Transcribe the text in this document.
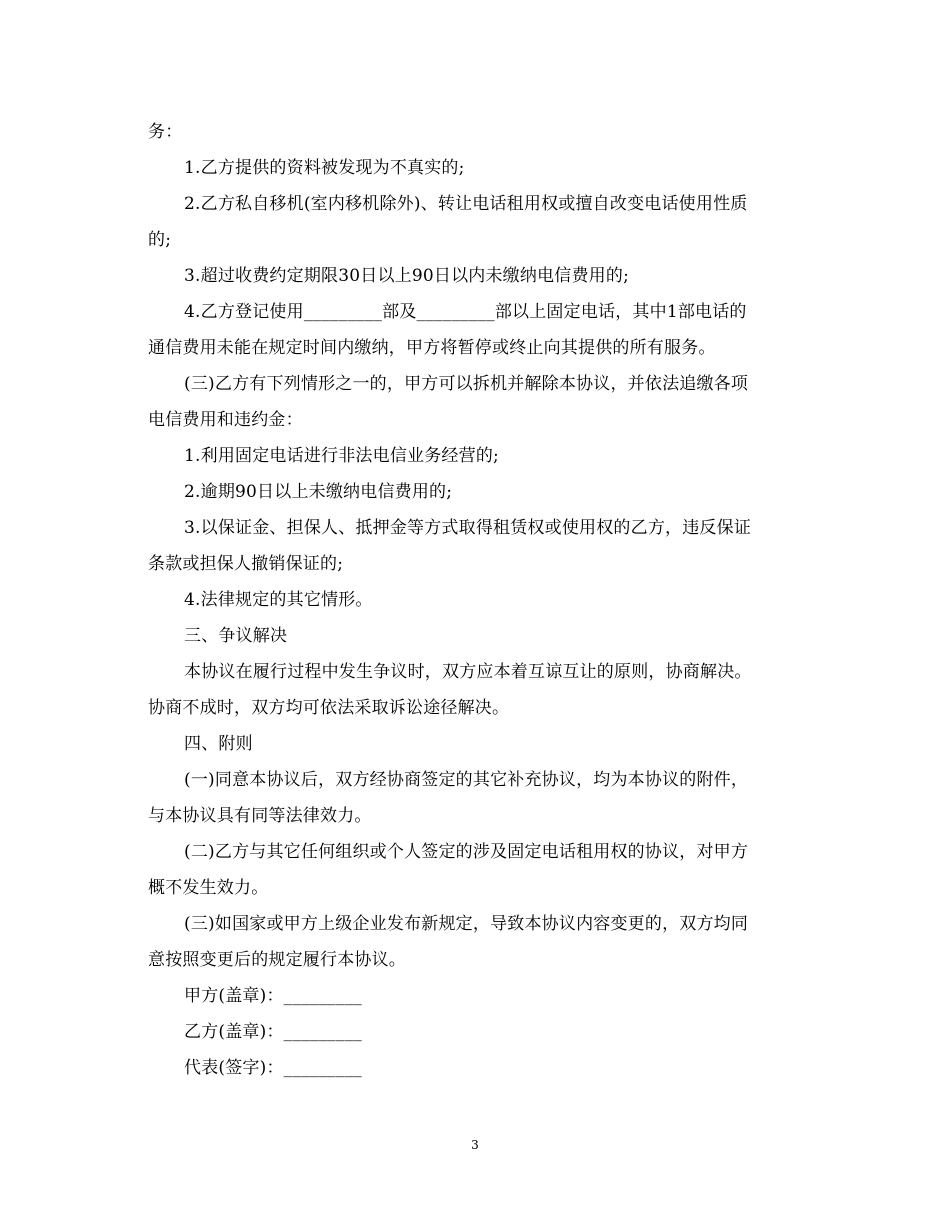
务：
1.乙方提供的资料被发现为不真实的;
2.乙方私自移机(室内移机除外)、转让电话租用权或擅自改变电话使用性质
的;
3.超过收费约定期限30日以上90日以内未缴纳电信费用的;
4.乙方登记使用_________部及_________部以上固定电话，其中1部电话的
通信费用未能在规定时间内缴纳，甲方将暂停或终止向其提供的所有服务。
(三)乙方有下列情形之一的，甲方可以拆机并解除本协议，并依法追缴各项
电信费用和违约金：
1.利用固定电话进行非法电信业务经营的;
2.逾期90日以上未缴纳电信费用的;
3.以保证金、担保人、抵押金等方式取得租赁权或使用权的乙方，违反保证
条款或担保人撤销保证的;
4.法律规定的其它情形。
三、争议解决
本协议在履行过程中发生争议时，双方应本着互谅互让的原则，协商解决。
协商不成时，双方均可依法采取诉讼途径解决。
四、附则
(一)同意本协议后，双方经协商签定的其它补充协议，均为本协议的附件，
与本协议具有同等法律效力。
(二)乙方与其它任何组织或个人签定的涉及固定电话租用权的协议，对甲方
概不发生效力。
(三)如国家或甲方上级企业发布新规定，导致本协议内容变更的，双方均同
意按照变更后的规定履行本协议。
甲方(盖章)：_________
乙方(盖章)：_________
代表(签字)：_________
3
